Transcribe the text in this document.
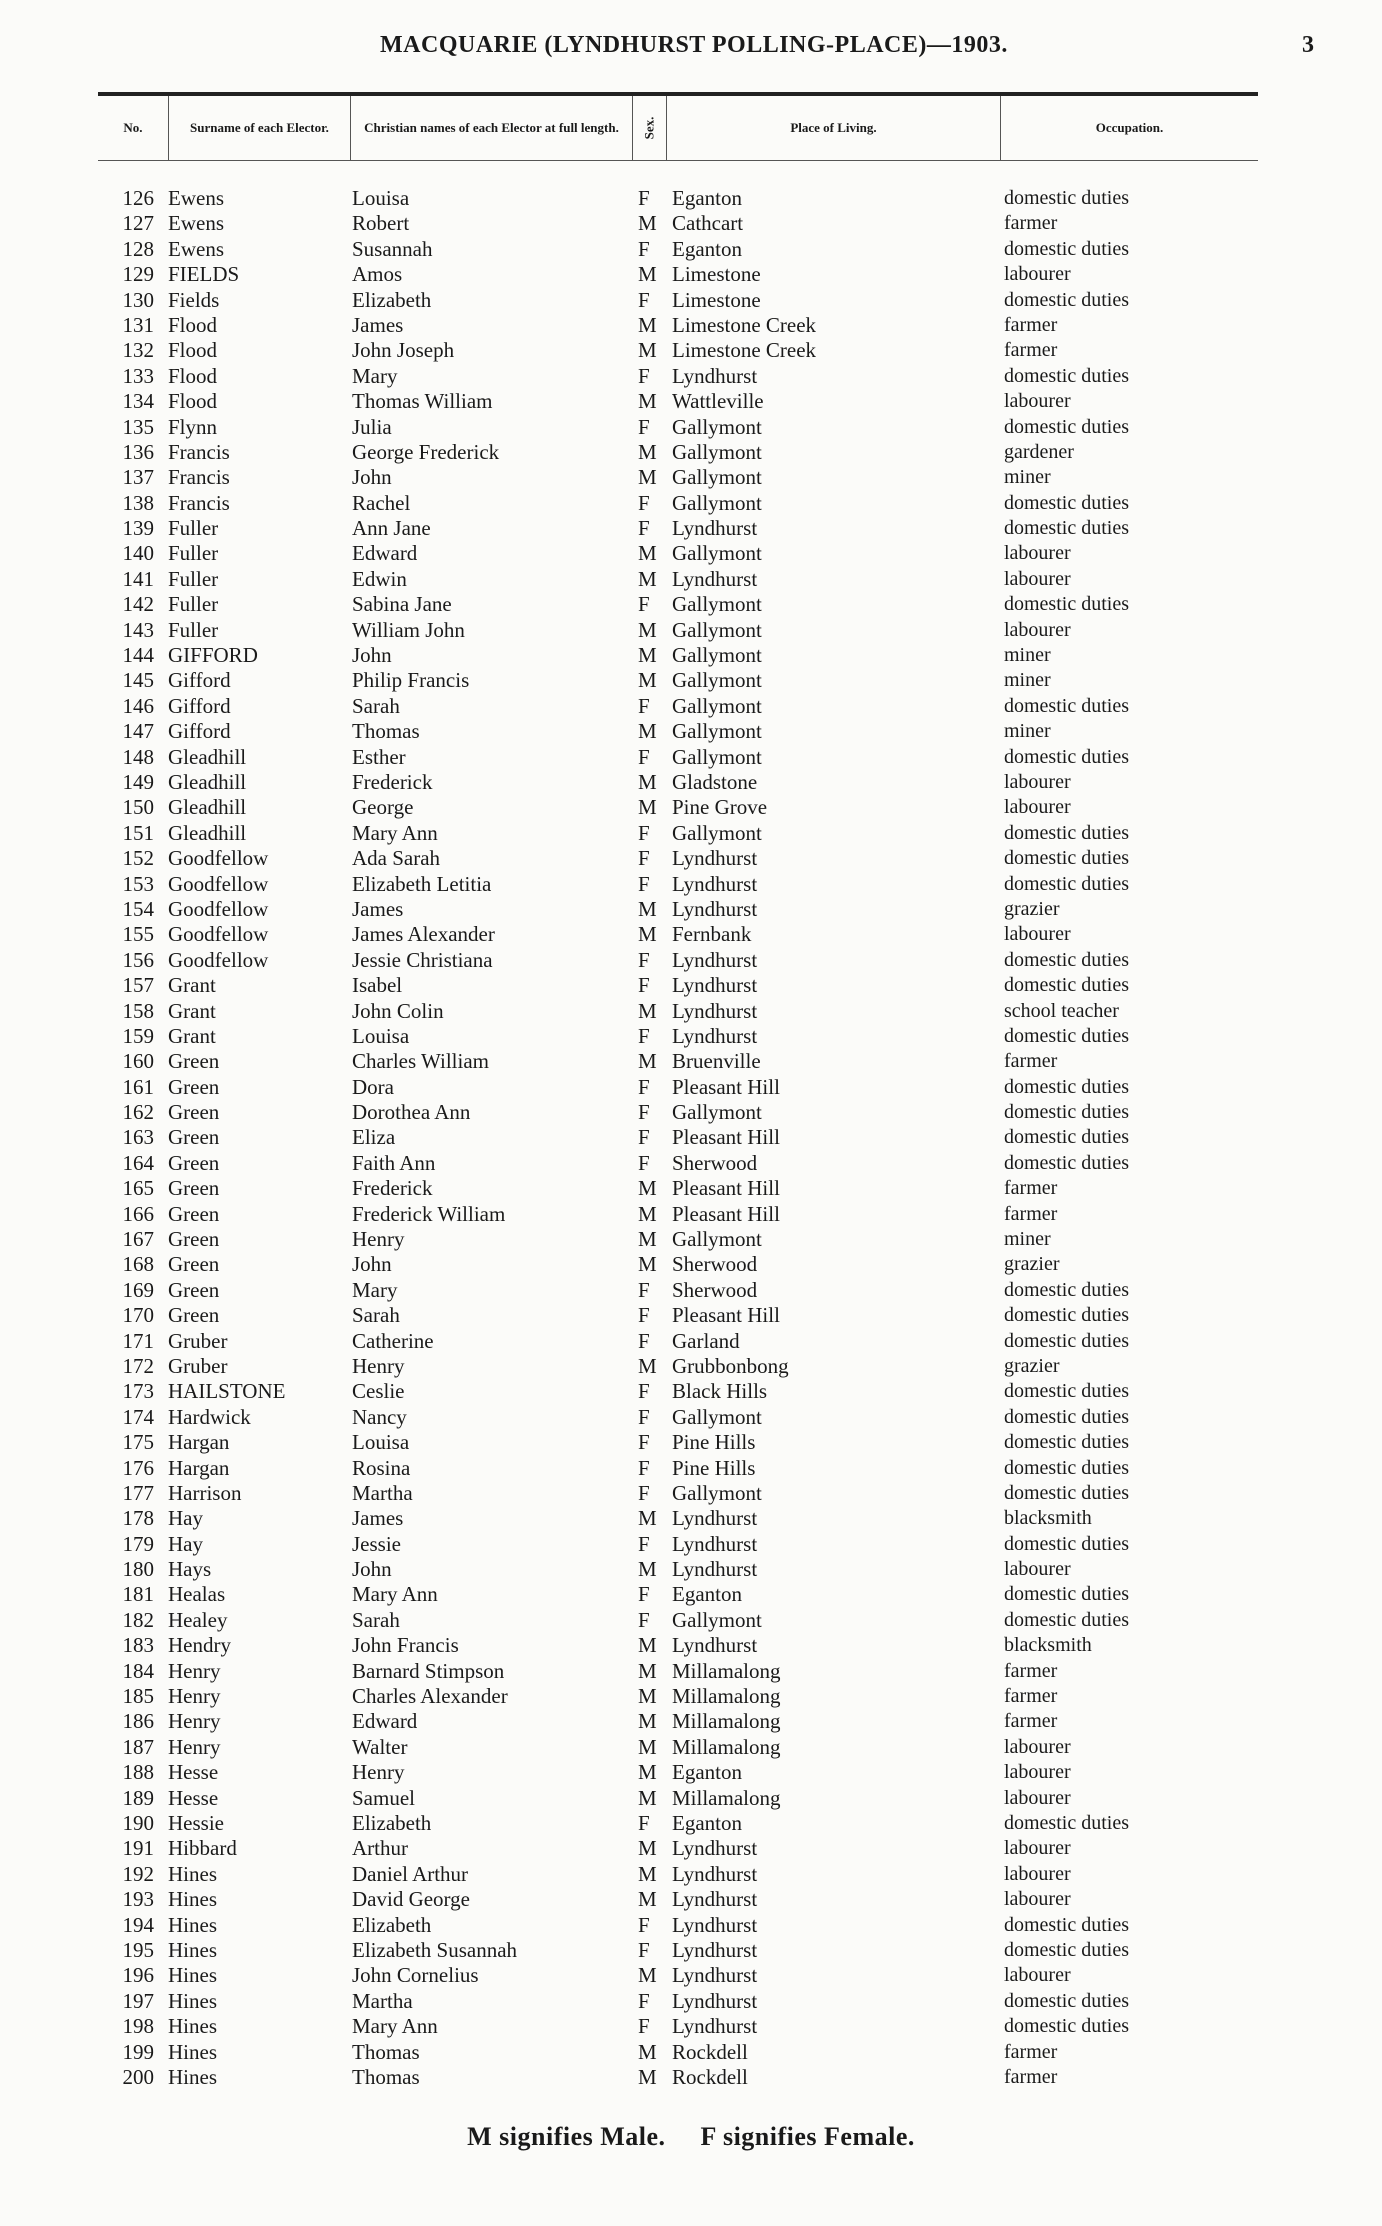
MACQUARIE (LYNDHURST POLLING-PLACE)—1903.	3
No.	Surname of each Elector.	Christian names of each Elector at full length.	Sex.	Place of Living.	Occupation.
126 Ewens	Louisa	F Eganton	domestic duties
127 Ewens	Robert	M Cathcart	farmer
128 Ewens	Susannah	F Eganton	domestic duties
129 FIELDS	Amos	M Limestone	labourer
130 Fields	Elizabeth	F Limestone	domestic duties
131 Flood	James	M Limestone Creek	farmer
132 Flood	John Joseph	M Limestone Creek	farmer
133 Flood	Mary	F Lyndhurst	domestic duties
134 Flood	Thomas William	M Wattleville	labourer
135 Flynn	Julia	F Gallymont	domestic duties
136 Francis	George Frederick	M Gallymont	gardener
137 Francis	John	M Gallymont	miner
138 Francis	Rachel	F Gallymont	domestic duties
139 Fuller	Ann Jane	F Lyndhurst	domestic duties
140 Fuller	Edward	M Gallymont	labourer
141 Fuller	Edwin	M Lyndhurst	labourer
142 Fuller	Sabina Jane	F Gallymont	domestic duties
143 Fuller	William John	M Gallymont	labourer
144 GIFFORD	John	M Gallymont	miner
145 Gifford	Philip Francis	M Gallymont	miner
146 Gifford	Sarah	F Gallymont	domestic duties
147 Gifford	Thomas	M Gallymont	miner
148 Gleadhill	Esther	F Gallymont	domestic duties
149 Gleadhill	Frederick	M Gladstone	labourer
150 Gleadhill	George	M Pine Grove	labourer
151 Gleadhill	Mary Ann	F Gallymont	domestic duties
152 Goodfellow	Ada Sarah	F Lyndhurst	domestic duties
153 Goodfellow	Elizabeth Letitia	F Lyndhurst	domestic duties
154 Goodfellow	James	M Lyndhurst	grazier
155 Goodfellow	James Alexander	M Fernbank	labourer
156 Goodfellow	Jessie Christiana	F Lyndhurst	domestic duties
157 Grant	Isabel	F Lyndhurst	domestic duties
158 Grant	John Colin	M Lyndhurst	school teacher
159 Grant	Louisa	F Lyndhurst	domestic duties
160 Green	Charles William	M Bruenville	farmer
161 Green	Dora	F Pleasant Hill	domestic duties
162 Green	Dorothea Ann	F Gallymont	domestic duties
163 Green	Eliza	F Pleasant Hill	domestic duties
164 Green	Faith Ann	F Sherwood	domestic duties
165 Green	Frederick	M Pleasant Hill	farmer
166 Green	Frederick William	M Pleasant Hill	farmer
167 Green	Henry	M Gallymont	miner
168 Green	John	M Sherwood	grazier
169 Green	Mary	F Sherwood	domestic duties
170 Green	Sarah	F Pleasant Hill	domestic duties
171 Gruber	Catherine	F Garland	domestic duties
172 Gruber	Henry	M Grubbonbong	grazier
173 HAILSTONE	Ceslie	F Black Hills	domestic duties
174 Hardwick	Nancy	F Gallymont	domestic duties
175 Hargan	Louisa	F Pine Hills	domestic duties
176 Hargan	Rosina	F Pine Hills	domestic duties
177 Harrison	Martha	F Gallymont	domestic duties
178 Hay	James	M Lyndhurst	blacksmith
179 Hay	Jessie	F Lyndhurst	domestic duties
180 Hays	John	M Lyndhurst	labourer
181 Healas	Mary Ann	F Eganton	domestic duties
182 Healey	Sarah	F Gallymont	domestic duties
183 Hendry	John Francis	M Lyndhurst	blacksmith
184 Henry	Barnard Stimpson	M Millamalong	farmer
185 Henry	Charles Alexander	M Millamalong	farmer
186 Henry	Edward	M Millamalong	farmer
187 Henry	Walter	M Millamalong	labourer
188 Hesse	Henry	M Eganton	labourer
189 Hesse	Samuel	M Millamalong	labourer
190 Hessie	Elizabeth	F Eganton	domestic duties
191 Hibbard	Arthur	M Lyndhurst	labourer
192 Hines	Daniel Arthur	M Lyndhurst	labourer
193 Hines	David George	M Lyndhurst	labourer
194 Hines	Elizabeth	F Lyndhurst	domestic duties
195 Hines	Elizabeth Susannah	F Lyndhurst	domestic duties
196 Hines	John Cornelius	M Lyndhurst	labourer
197 Hines	Martha	F Lyndhurst	domestic duties
198 Hines	Mary Ann	F Lyndhurst	domestic duties
199 Hines	Thomas	M Rockdell	farmer
200 Hines	Thomas	M Rockdell	farmer
M signifies Male. F signifies Female.
